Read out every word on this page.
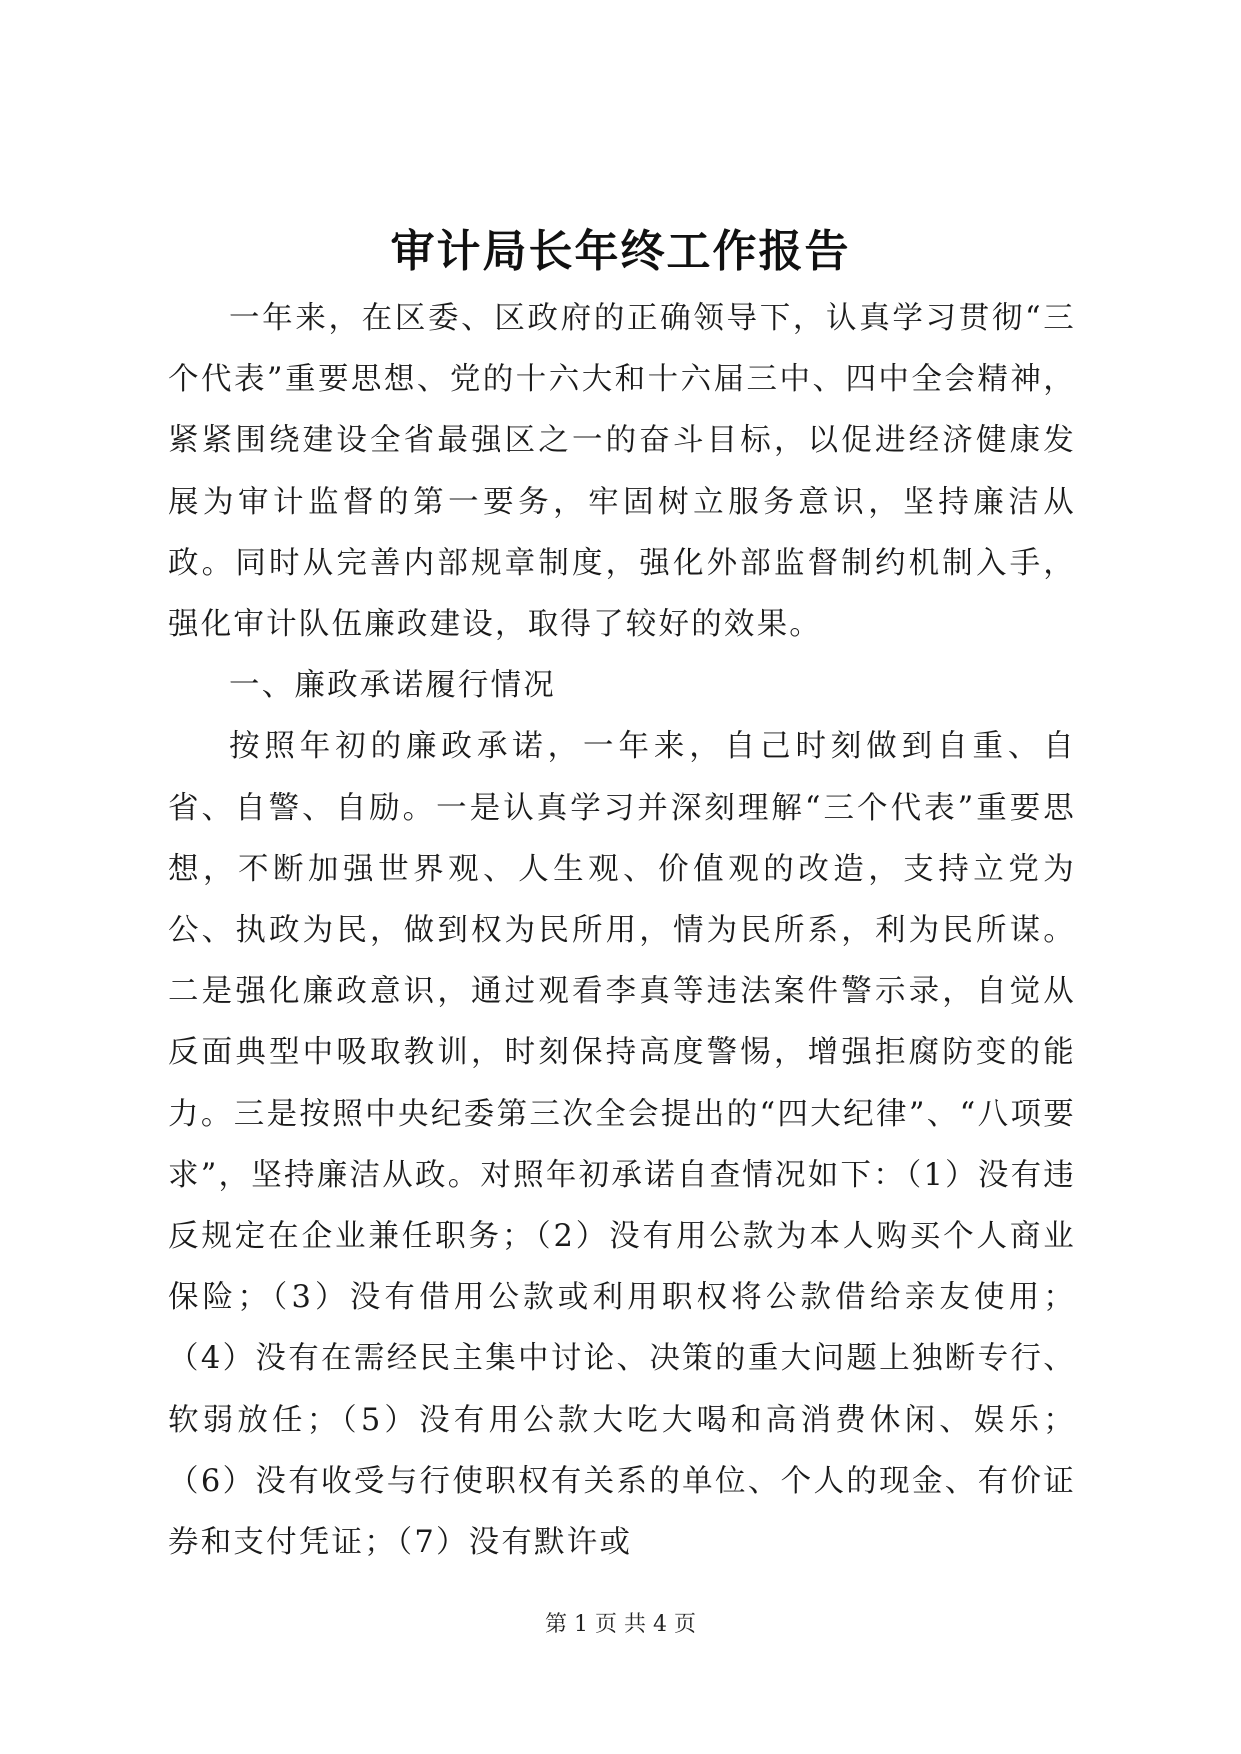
审计局长年终工作报告

一年来，在区委、区政府的正确领导下，认真学习贯彻“三个代表”重要思想、党的十六大和十六届三中、四中全会精神，紧紧围绕建设全省最强区之一的奋斗目标，以促进经济健康发展为审计监督的第一要务，牢固树立服务意识，坚持廉洁从政。同时从完善内部规章制度，强化外部监督制约机制入手，强化审计队伍廉政建设，取得了较好的效果。

一、廉政承诺履行情况

按照年初的廉政承诺，一年来，自己时刻做到自重、自省、自警、自励。一是认真学习并深刻理解“三个代表”重要思想，不断加强世界观、人生观、价值观的改造，支持立党为公、执政为民，做到权为民所用，情为民所系，利为民所谋。二是强化廉政意识，通过观看李真等违法案件警示录，自觉从反面典型中吸取教训，时刻保持高度警惕，增强拒腐防变的能力。三是按照中央纪委第三次全会提出的“四大纪律”、“八项要求”，坚持廉洁从政。对照年初承诺自查情况如下：（1）没有违反规定在企业兼任职务；（2）没有用公款为本人购买个人商业保险；（3）没有借用公款或利用职权将公款借给亲友使用；（4）没有在需经民主集中讨论、决策的重大问题上独断专行、软弱放任；（5）没有用公款大吃大喝和高消费休闲、娱乐；（6）没有收受与行使职权有关系的单位、个人的现金、有价证券和支付凭证；（7）没有默许或

第 1 页 共 4 页
